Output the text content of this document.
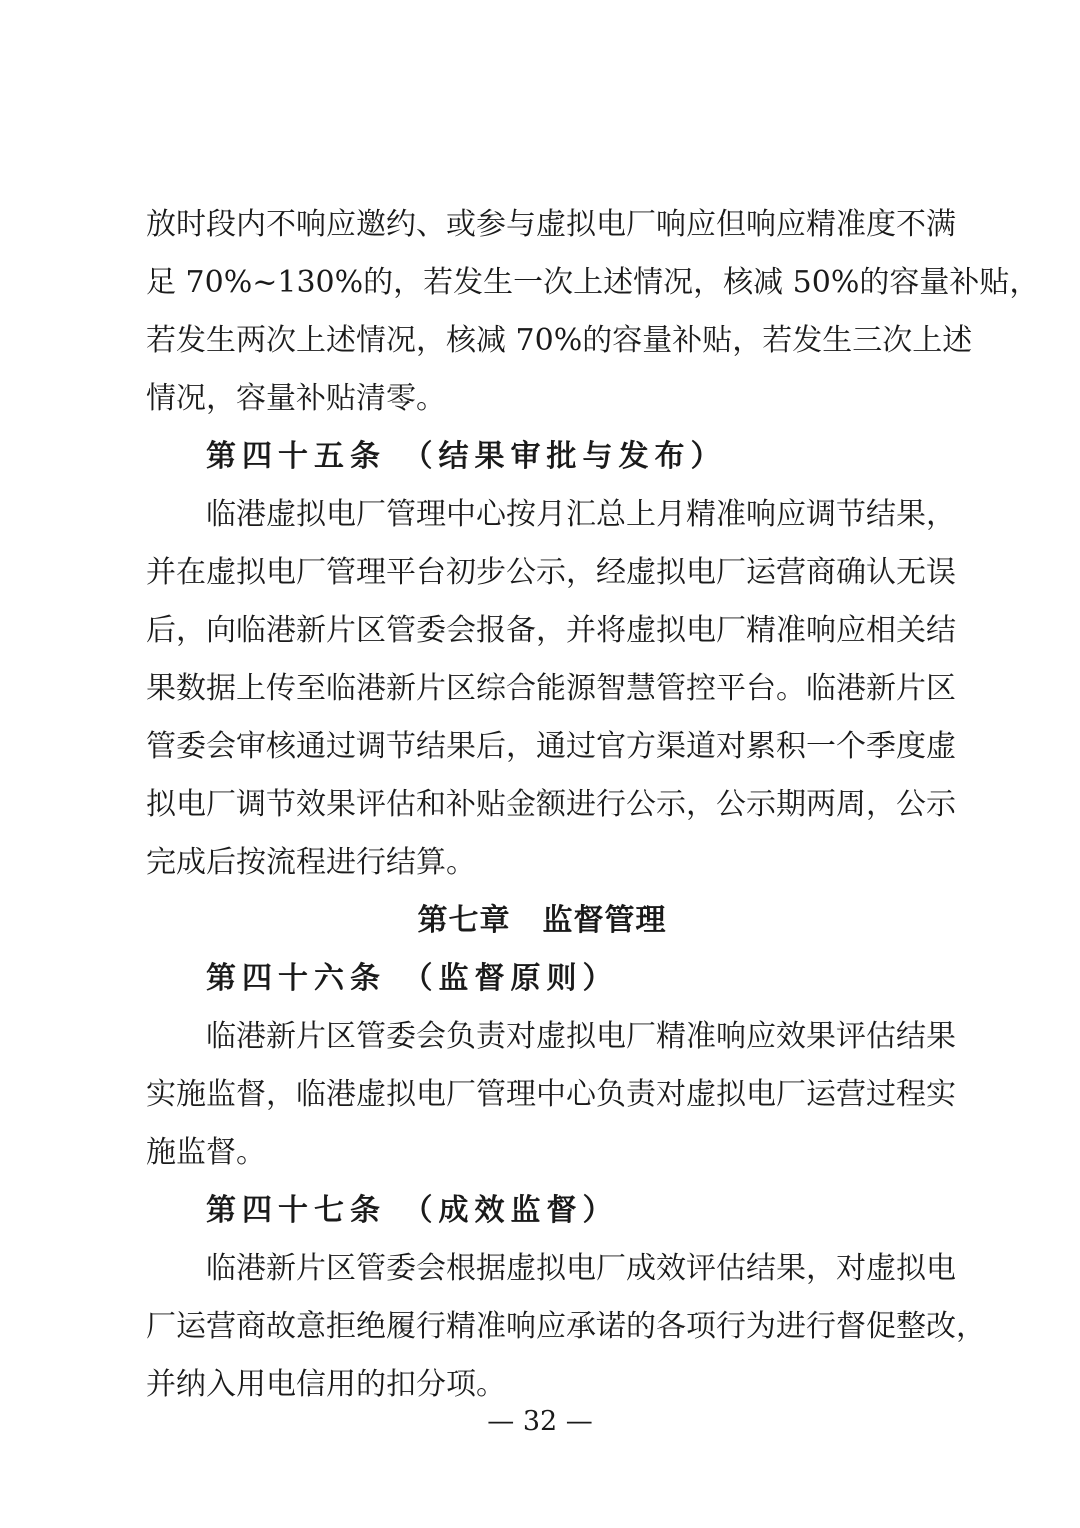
放时段内不响应邀约、或参与虚拟电厂响应但响应精准度不满
足 70%~130%的，若发生一次上述情况，核减 50%的容量补贴，
若发生两次上述情况，核减 70%的容量补贴，若发生三次上述
情况，容量补贴清零。
第四十五条 （结果审批与发布）
临港虚拟电厂管理中心按月汇总上月精准响应调节结果，
并在虚拟电厂管理平台初步公示，经虚拟电厂运营商确认无误
后，向临港新片区管委会报备，并将虚拟电厂精准响应相关结
果数据上传至临港新片区综合能源智慧管控平台。临港新片区
管委会审核通过调节结果后，通过官方渠道对累积一个季度虚
拟电厂调节效果评估和补贴金额进行公示，公示期两周，公示
完成后按流程进行结算。
第七章 监督管理
第四十六条 （监督原则）
临港新片区管委会负责对虚拟电厂精准响应效果评估结果
实施监督，临港虚拟电厂管理中心负责对虚拟电厂运营过程实
施监督。
第四十七条 （成效监督）
临港新片区管委会根据虚拟电厂成效评估结果，对虚拟电
厂运营商故意拒绝履行精准响应承诺的各项行为进行督促整改，
并纳入用电信用的扣分项。
— 32 —
